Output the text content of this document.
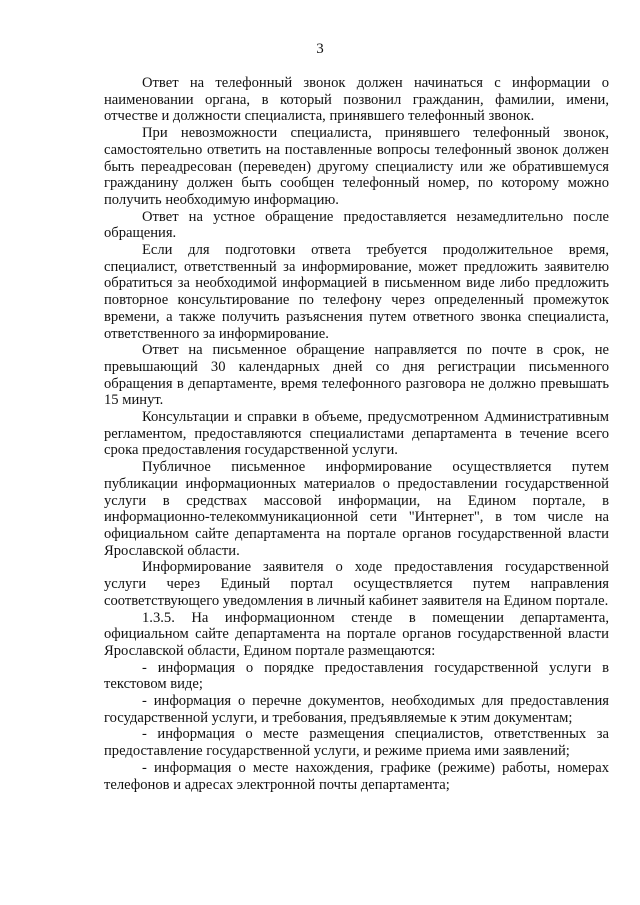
3

Ответ на телефонный звонок должен начинаться с информации о наименовании органа, в который позвонил гражданин, фамилии, имени, отчестве и должности специалиста, принявшего телефонный звонок.

При невозможности специалиста, принявшего телефонный звонок, самостоятельно ответить на поставленные вопросы телефонный звонок должен быть переадресован (переведен) другому специалисту или же обратившемуся гражданину должен быть сообщен телефонный номер, по которому можно получить необходимую информацию.

Ответ на устное обращение предоставляется незамедлительно после обращения.

Если для подготовки ответа требуется продолжительное время, специалист, ответственный за информирование, может предложить заявителю обратиться за необходимой информацией в письменном виде либо предложить повторное консультирование по телефону через определенный промежуток времени, а также получить разъяснения путем ответного звонка специалиста, ответственного за информирование.

Ответ на письменное обращение направляется по почте в срок, не превышающий 30 календарных дней со дня регистрации письменного обращения в департаменте, время телефонного разговора не должно превышать 15 минут.

Консультации и справки в объеме, предусмотренном Административным регламентом, предоставляются специалистами департамента в течение всего срока предоставления государственной услуги.

Публичное письменное информирование осуществляется путем публикации информационных материалов о предоставлении государственной услуги в средствах массовой информации, на Едином портале, в информационно-телекоммуникационной сети "Интернет", в том числе на официальном сайте департамента на портале органов государственной власти Ярославской области.

Информирование заявителя о ходе предоставления государственной услуги через Единый портал осуществляется путем направления соответствующего уведомления в личный кабинет заявителя на Едином портале.

1.3.5. На информационном стенде в помещении департамента, официальном сайте департамента на портале органов государственной власти Ярославской области, Едином портале размещаются:

- информация о порядке предоставления государственной услуги в текстовом виде;

- информация о перечне документов, необходимых для предоставления государственной услуги, и требования, предъявляемые к этим документам;

- информация о месте размещения специалистов, ответственных за предоставление государственной услуги, и режиме приема ими заявлений;

- информация о месте нахождения, графике (режиме) работы, номерах телефонов и адресах электронной почты департамента;
